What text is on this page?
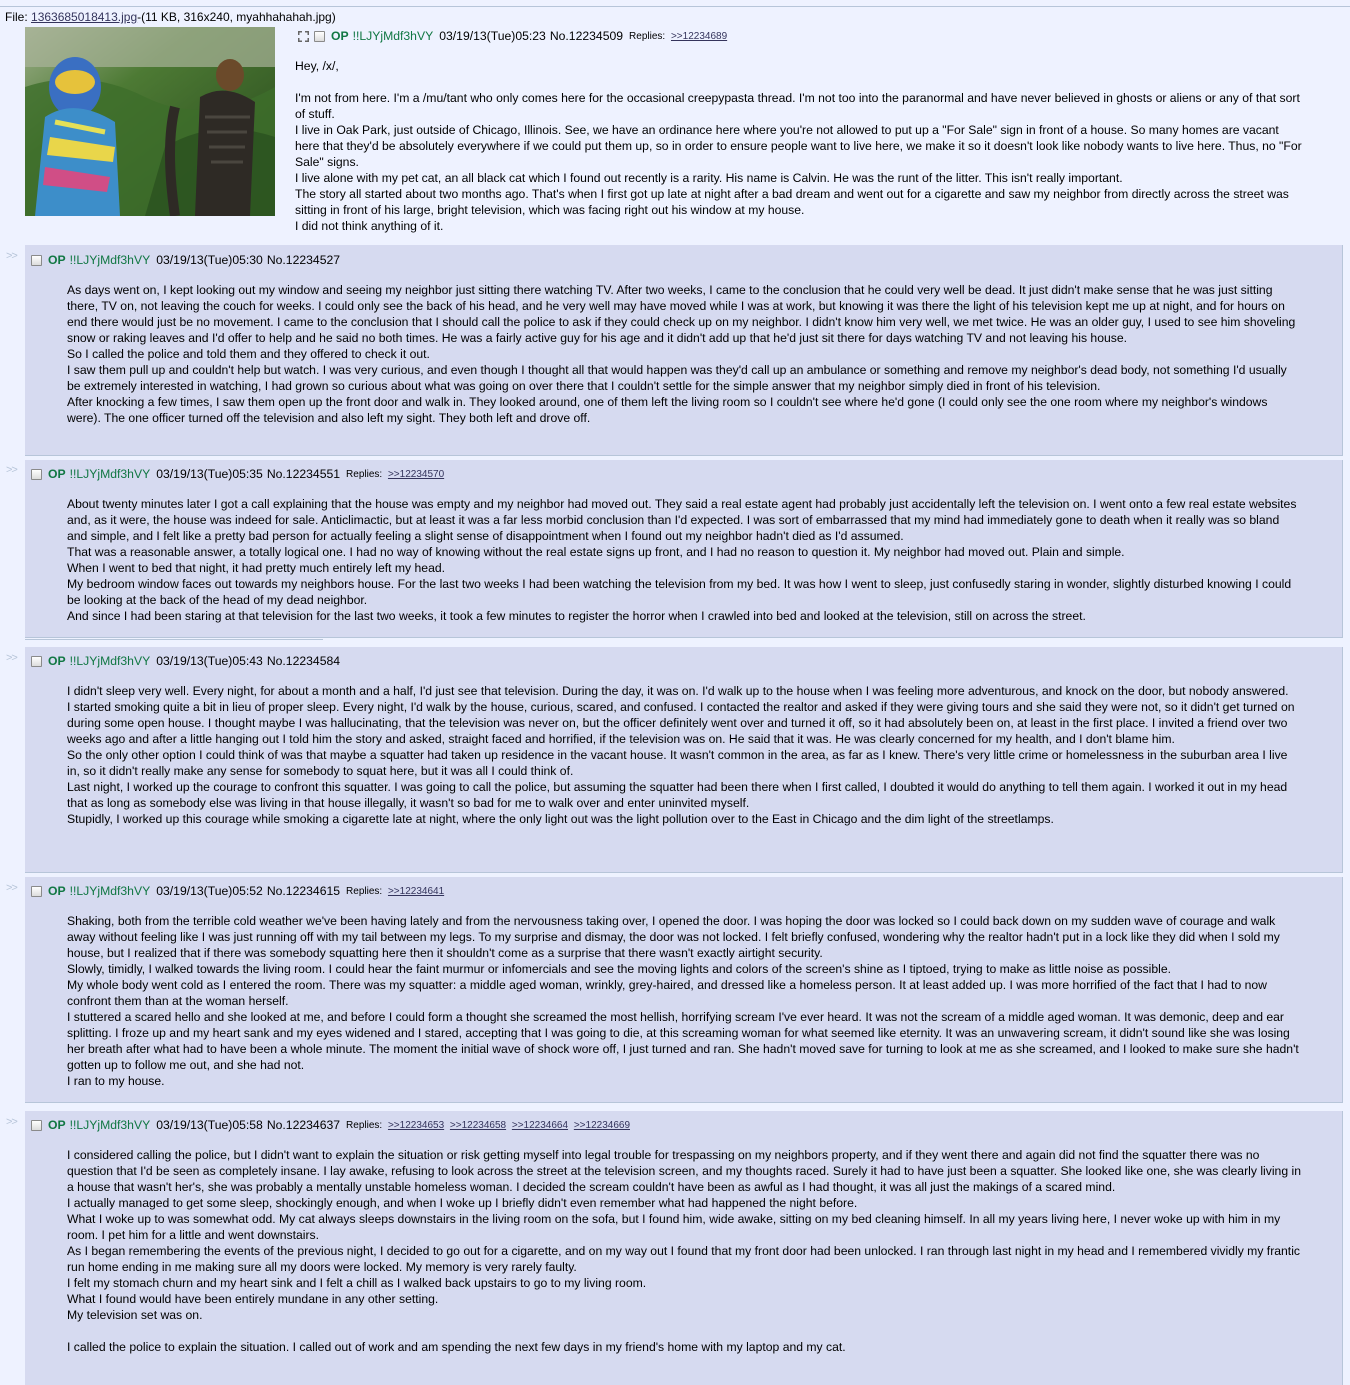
File: 1363685018413.jpg-(11 KB, 316x240, myahhahahah.jpg)
OP !!LJYjMdf3hVY 03/19/13(Tue)05:23 No.12234509 Replies: >>12234689

Hey, /x/,

I'm not from here. I'm a /mu/tant who only comes here for the occasional creepypasta thread. I'm not too into the paranormal and have never believed in ghosts or aliens or any of that sort of stuff.

I live in Oak Park, just outside of Chicago, Illinois. See, we have an ordinance here where you're not allowed to put up a "For Sale" sign in front of a house. So many homes are vacant here that they'd be absolutely everywhere if we could put them up, so in order to ensure people want to live here, we make it so it doesn't look like nobody wants to live here. Thus, no "For Sale" signs.

I live alone with my pet cat, an all black cat which I found out recently is a rarity. His name is Calvin. He was the runt of the litter. This isn't really important.

The story all started about two months ago. That's when I first got up late at night after a bad dream and went out for a cigarette and saw my neighbor from directly across the street was sitting in front of his large, bright television, which was facing right out his window at my house.

I did not think anything of it.

>>	OP !!LJYjMdf3hVY 03/19/13(Tue)05:30 No.12234527

As days went on, I kept looking out my window and seeing my neighbor just sitting there watching TV. After two weeks, I came to the conclusion that he could very well be dead. It just didn't make sense that he was just sitting there, TV on, not leaving the couch for weeks. I could only see the back of his head, and he very well may have moved while I was at work, but knowing it was there the light of his television kept me up at night, and for hours on end there would just be no movement. I came to the conclusion that I should call the police to ask if they could check up on my neighbor. I didn't know him very well, we met twice. He was an older guy, I used to see him shoveling snow or raking leaves and I'd offer to help and he said no both times. He was a fairly active guy for his age and it didn't add up that he'd just sit there for days watching TV and not leaving his house.

So I called the police and told them and they offered to check it out.

I saw them pull up and couldn't help but watch. I was very curious, and even though I thought all that would happen was they'd call up an ambulance or something and remove my neighbor's dead body, not something I'd usually be extremely interested in watching, I had grown so curious about what was going on over there that I couldn't settle for the simple answer that my neighbor simply died in front of his television.

After knocking a few times, I saw them open up the front door and walk in. They looked around, one of them left the living room so I couldn't see where he'd gone (I could only see the one room where my neighbor's windows were). The one officer turned off the television and also left my sight. They both left and drove off.

>>	OP !!LJYjMdf3hVY 03/19/13(Tue)05:35 No.12234551 Replies: >>12234570

About twenty minutes later I got a call explaining that the house was empty and my neighbor had moved out. They said a real estate agent had probably just accidentally left the television on. I went onto a few real estate websites and, as it were, the house was indeed for sale. Anticlimactic, but at least it was a far less morbid conclusion than I'd expected. I was sort of embarrassed that my mind had immediately gone to death when it really was so bland and simple, and I felt like a pretty bad person for actually feeling a slight sense of disappointment when I found out my neighbor hadn't died as I'd assumed.

That was a reasonable answer, a totally logical one. I had no way of knowing without the real estate signs up front, and I had no reason to question it. My neighbor had moved out. Plain and simple.

When I went to bed that night, it had pretty much entirely left my head.

My bedroom window faces out towards my neighbors house. For the last two weeks I had been watching the television from my bed. It was how I went to sleep, just confusedly staring in wonder, slightly disturbed knowing I could be looking at the back of the head of my dead neighbor.

And since I had been staring at that television for the last two weeks, it took a few minutes to register the horror when I crawled into bed and looked at the television, still on across the street.

>>	OP !!LJYjMdf3hVY 03/19/13(Tue)05:43 No.12234584

I didn't sleep very well. Every night, for about a month and a half, I'd just see that television. During the day, it was on. I'd walk up to the house when I was feeling more adventurous, and knock on the door, but nobody answered.

I started smoking quite a bit in lieu of proper sleep. Every night, I'd walk by the house, curious, scared, and confused. I contacted the realtor and asked if they were giving tours and she said they were not, so it didn't get turned on during some open house. I thought maybe I was hallucinating, that the television was never on, but the officer definitely went over and turned it off, so it had absolutely been on, at least in the first place. I invited a friend over two weeks ago and after a little hanging out I told him the story and asked, straight faced and horrified, if the television was on. He said that it was. He was clearly concerned for my health, and I don't blame him.

So the only other option I could think of was that maybe a squatter had taken up residence in the vacant house. It wasn't common in the area, as far as I knew. There's very little crime or homelessness in the suburban area I live in, so it didn't really make any sense for somebody to squat here, but it was all I could think of.

Last night, I worked up the courage to confront this squatter. I was going to call the police, but assuming the squatter had been there when I first called, I doubted it would do anything to tell them again. I worked it out in my head that as long as somebody else was living in that house illegally, it wasn't so bad for me to walk over and enter uninvited myself.

Stupidly, I worked up this courage while smoking a cigarette late at night, where the only light out was the light pollution over to the East in Chicago and the dim light of the streetlamps.

>>	OP !!LJYjMdf3hVY 03/19/13(Tue)05:52 No.12234615 Replies: >>12234641

Shaking, both from the terrible cold weather we've been having lately and from the nervousness taking over, I opened the door. I was hoping the door was locked so I could back down on my sudden wave of courage and walk away without feeling like I was just running off with my tail between my legs. To my surprise and dismay, the door was not locked. I felt briefly confused, wondering why the realtor hadn't put in a lock like they did when I sold my house, but I realized that if there was somebody squatting here then it shouldn't come as a surprise that there wasn't exactly airtight security.

Slowly, timidly, I walked towards the living room. I could hear the faint murmur or infomercials and see the moving lights and colors of the screen's shine as I tiptoed, trying to make as little noise as possible.

My whole body went cold as I entered the room. There was my squatter: a middle aged woman, wrinkly, grey-haired, and dressed like a homeless person. It at least added up. I was more horrified of the fact that I had to now confront them than at the woman herself.

I stuttered a scared hello and she looked at me, and before I could form a thought she screamed the most hellish, horrifying scream I've ever heard. It was not the scream of a middle aged woman. It was demonic, deep and ear splitting. I froze up and my heart sank and my eyes widened and I stared, accepting that I was going to die, at this screaming woman for what seemed like eternity. It was an unwavering scream, it didn't sound like she was losing her breath after what had to have been a whole minute. The moment the initial wave of shock wore off, I just turned and ran. She hadn't moved save for turning to look at me as she screamed, and I looked to make sure she hadn't gotten up to follow me out, and she had not.

I ran to my house.

>>	OP !!LJYjMdf3hVY 03/19/13(Tue)05:58 No.12234637 Replies: >>12234653 >>12234658 >>12234664 >>12234669

I considered calling the police, but I didn't want to explain the situation or risk getting myself into legal trouble for trespassing on my neighbors property, and if they went there and again did not find the squatter there was no question that I'd be seen as completely insane. I lay awake, refusing to look across the street at the television screen, and my thoughts raced. Surely it had to have just been a squatter. She looked like one, she was clearly living in a house that wasn't her's, she was probably a mentally unstable homeless woman. I decided the scream couldn't have been as awful as I had thought, it was all just the makings of a scared mind.

I actually managed to get some sleep, shockingly enough, and when I woke up I briefly didn't even remember what had happened the night before.

What I woke up to was somewhat odd. My cat always sleeps downstairs in the living room on the sofa, but I found him, wide awake, sitting on my bed cleaning himself. In all my years living here, I never woke up with him in my room. I pet him for a little and went downstairs.

As I began remembering the events of the previous night, I decided to go out for a cigarette, and on my way out I found that my front door had been unlocked. I ran through last night in my head and I remembered vividly my frantic run home ending in me making sure all my doors were locked. My memory is very rarely faulty.

I felt my stomach churn and my heart sink and I felt a chill as I walked back upstairs to go to my living room.

What I found would have been entirely mundane in any other setting.

My television set was on.

I called the police to explain the situation. I called out of work and am spending the next few days in my friend's home with my laptop and my cat.
